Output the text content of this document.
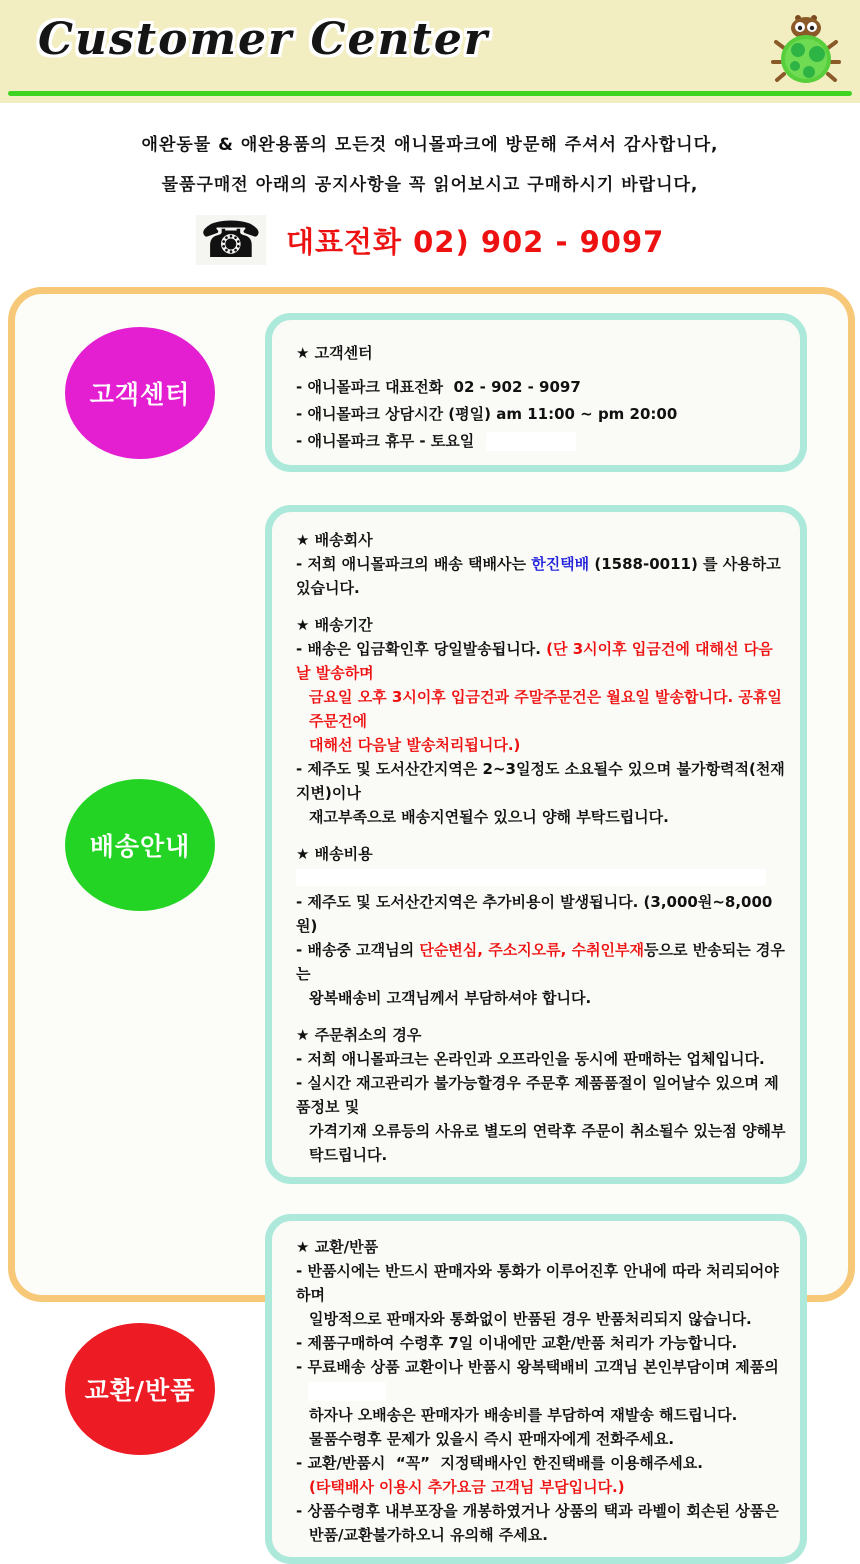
Customer Center

애완동물 & 애완용품의 모든것 애니몰파크에 방문해 주셔서 감사합니다,

물품구매전 아래의 공지사항을 꼭 읽어보시고 구매하시기 바랍니다,

☎ 대표전화 02) 902 - 9097
고객센터
★ 고객센터
- 애니몰파크 대표전화  02 - 902 - 9097
- 애니몰파크 상담시간 (평일) am 11:00 ~ pm 20:00
- 애니몰파크 휴무 - 토요일
배송안내
★ 배송회사
- 저희 애니몰파크의 배송 택배사는 한진택배 (1588-0011) 를 사용하고 있습니다.
★ 배송기간
- 배송은 입금확인후 당일발송됩니다. (단 3시이후 입금건에 대해선 다음날 발송하며
금요일 오후 3시이후 입금건과 주말주문건은 월요일 발송합니다. 공휴일 주문건에
대해선 다음날 발송처리됩니다.)
- 제주도 및 도서산간지역은 2~3일정도 소요될수 있으며 불가항력적(천재지변)이나
재고부족으로 배송지연될수 있으니 양해 부탁드립니다.
★ 배송비용
- 제주도 및 도서산간지역은 추가비용이 발생됩니다. (3,000원~8,000원)
- 배송중 고객님의 단순변심, 주소지오류, 수취인부재등으로 반송되는 경우는
왕복배송비 고객님께서 부담하셔야 합니다.
★ 주문취소의 경우
- 저희 애니몰파크는 온라인과 오프라인을 동시에 판매하는 업체입니다.
- 실시간 재고관리가 불가능할경우 주문후 제품품절이 일어날수 있으며 제품정보 및
가격기재 오류등의 사유로 별도의 연락후 주문이 취소될수 있는점 양해부탁드립니다.
교환/반품
★ 교환/반품
- 반품시에는 반드시 판매자와 통화가 이루어진후 안내에 따라 처리되어야 하며
일방적으로 판매자와 통화없이 반품된 경우 반품처리되지 않습니다.
- 제품구매하여 수령후 7일 이내에만 교환/반품 처리가 가능합니다.
- 무료배송 상품 교환이나 반품시 왕복택배비 고객님 본인부담이며 제품의
하자나 오배송은 판매자가 배송비를 부담하여 재발송 해드립니다.
물품수령후 문제가 있을시 즉시 판매자에게 전화주세요.
- 교환/반품시  “꼭”  지정택배사인 한진택배를 이용해주세요.
(타택배사 이용시 추가요금 고객님 부담입니다.)
- 상품수령후 내부포장을 개봉하였거나 상품의 택과 라벨이 회손된 상품은
반품/교환불가하오니 유의해 주세요.
